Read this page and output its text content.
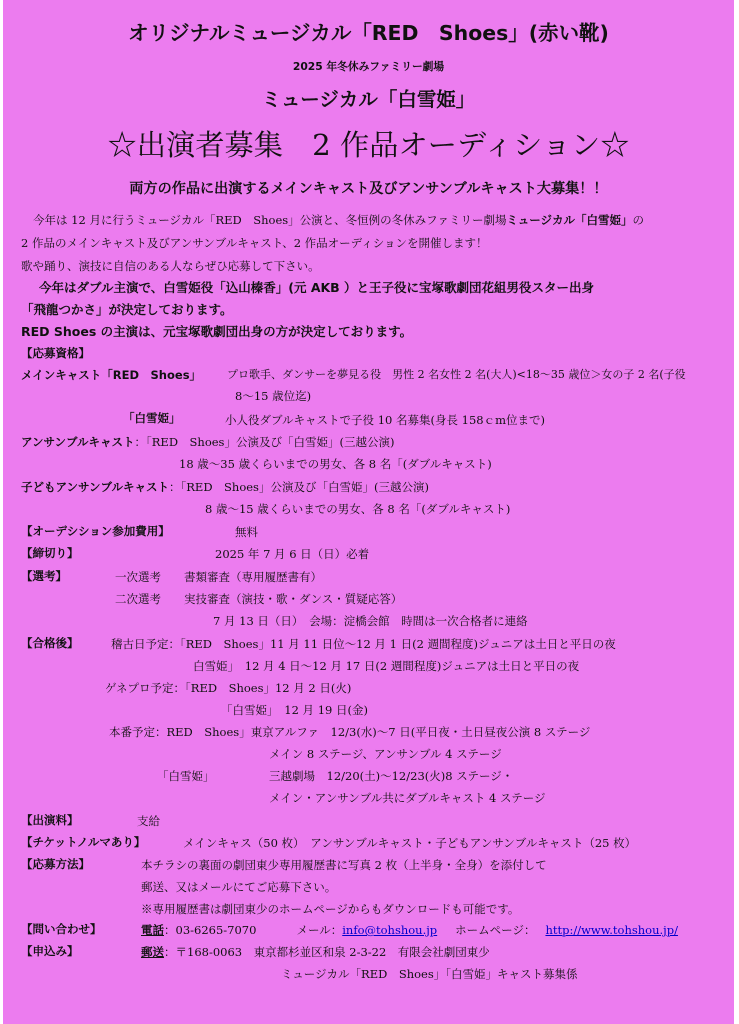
オリジナルミュージカル「RED　Shoes」(赤い靴)
2025 年冬休みファミリー劇場
ミュージカル「白雪姫」
☆出演者募集　2 作品オーディション☆
両方の作品に出演するメインキャスト及びアンサンブルキャスト大募集！！
今年は 12 月に行うミュージカル「RED　Shoes」公演と、冬恒例の冬休みファミリー劇場ミュージカル「白雪姫」の
2 作品のメインキャスト及びアンサンブルキャスト、2 作品オーディションを開催します！
歌や踊り、演技に自信のある人ならぜひ応募して下さい。
今年はダブル主演で、白雪姫役「込山榛香」(元 AKB ）と王子役に宝塚歌劇団花組男役スター出身
「飛龍つかさ」が決定しております。
RED Shoes の主演は、元宝塚歌劇団出身の方が決定しております。
【応募資格】
メインキャスト「RED　Shoes」 プロ歌手、ダンサーを夢見る役　男性 2 名女性 2 名(大人)<18〜35 歳位＞女の子 2 名(子役
8〜15 歳位迄)
「白雪姫」	小人役ダブルキャストで子役 10 名募集(身長 158ｃm位まで)
アンサンブルキャスト：「RED　Shoes」公演及び「白雪姫」(三越公演)
18 歳〜35 歳くらいまでの男女、各 8 名「(ダブルキャスト)
子どもアンサンブルキャスト：「RED　Shoes」公演及び「白雪姫」(三越公演)
8 歳〜15 歳くらいまでの男女、各 8 名「(ダブルキャスト)
【オーデシション参加費用】	無料
【締切り】	2025 年 7 月 6 日（日）必着
【選考】	一次選考　　書類審査（専用履歴書有）
二次選考　　実技審査（演技・歌・ダンス・質疑応答）
7 月 13 日（日）　会場：淀橋会館　時間は一次合格者に連絡
【合格後】	稽古日予定：「RED　Shoes」11 月 11 日位〜12 月 1 日(2 週間程度)ジュニアは土日と平日の夜
白雪姫」　12 月 4 日〜12 月 17 日(2 週間程度)ジュニアは土日と平日の夜
ゲネプロ予定：「RED　Shoes」12 月 2 日(火)
「白雪姫」　12 月 19 日(金)
本番予定：RED　Shoes」東京アルファ　12/3(水)〜7 日(平日夜・土日昼夜公演 8 ステージ
メイン 8 ステージ、アンサンブル 4 ステージ
「白雪姫」	三越劇場　12/20(土)〜12/23(火)8 ステージ・
メイン・アンサンブル共にダブルキャスト 4 ステージ
【出演料】	支給
【チケットノルマあり】	メインキャス（50 枚）　アンサンブルキャスト・子どもアンサンブルキャスト（25 枚）
【応募方法】	本チラシの裏面の劇団東少専用履歴書に写真 2 枚（上半身・全身）を添付して
郵送、又はメールにてご応募下さい。
※専用履歴書は劇団東少のホームページからもダウンロードも可能です。
【問い合わせ】	電話：03-6265-7070	メール：info@tohshou.jp ホームページ： http://www.tohshou.jp/
【申込み】	郵送：〒168-0063　東京都杉並区和泉 2-3-22　有限会社劇団東少
ミュージカル「RED　Shoes」「白雪姫」キャスト募集係
